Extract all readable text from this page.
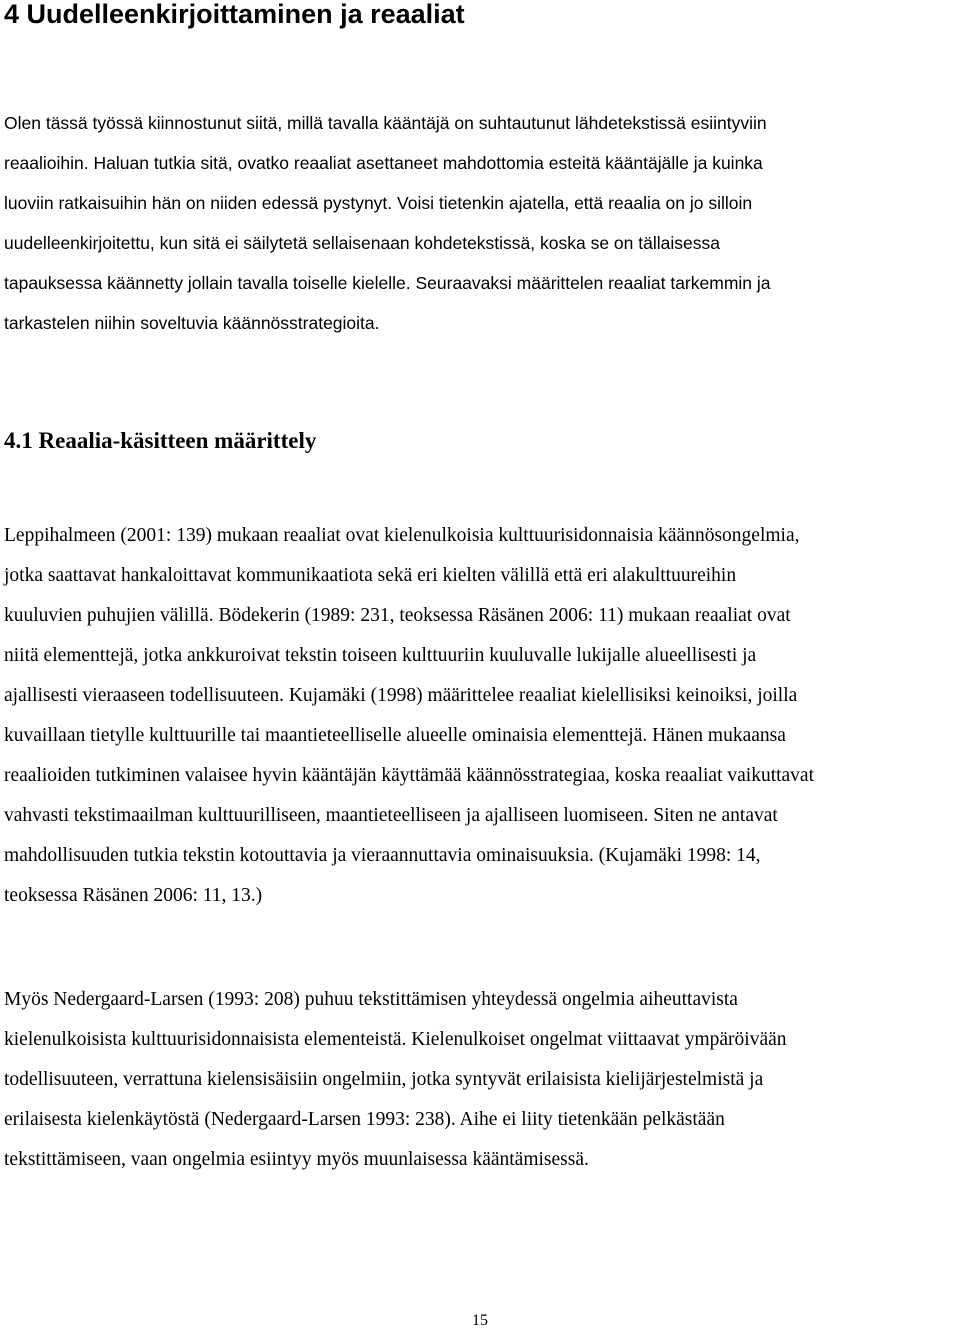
4 Uudelleenkirjoittaminen ja reaaliat
Olen tässä työssä kiinnostunut siitä, millä tavalla kääntäjä on suhtautunut lähdetekstissä esiintyviin
reaalioihin. Haluan tutkia sitä, ovatko reaaliat asettaneet mahdottomia esteitä kääntäjälle ja kuinka
luoviin ratkaisuihin hän on niiden edessä pystynyt. Voisi tietenkin ajatella, että reaalia on jo silloin
uudelleenkirjoitettu, kun sitä ei säilytetä sellaisenaan kohdetekstissä, koska se on tällaisessa
tapauksessa käännetty jollain tavalla toiselle kielelle. Seuraavaksi määrittelen reaaliat tarkemmin ja
tarkastelen niihin soveltuvia käännösstrategioita.
4.1 Reaalia-käsitteen määrittely
Leppihalmeen (2001: 139) mukaan reaaliat ovat kielenulkoisia kulttuurisidonnaisia käännösongelmia,
jotka saattavat hankaloittavat kommunikaatiota sekä eri kielten välillä että eri alakulttuureihin
kuuluvien puhujien välillä. Bödekerin (1989: 231, teoksessa Räsänen 2006: 11) mukaan reaaliat ovat
niitä elementtejä, jotka ankkuroivat tekstin toiseen kulttuuriin kuuluvalle lukijalle alueellisesti ja
ajallisesti vieraaseen todellisuuteen. Kujamäki (1998) määrittelee reaaliat kielellisiksi keinoiksi, joilla
kuvaillaan tietylle kulttuurille tai maantieteelliselle alueelle ominaisia elementtejä. Hänen mukaansa
reaalioiden tutkiminen valaisee hyvin kääntäjän käyttämää käännösstrategiaa, koska reaaliat vaikuttavat
vahvasti tekstimaailman kulttuurilliseen, maantieteelliseen ja ajalliseen luomiseen. Siten ne antavat
mahdollisuuden tutkia tekstin kotouttavia ja vieraannuttavia ominaisuuksia. (Kujamäki 1998: 14,
teoksessa Räsänen 2006: 11, 13.)
Myös Nedergaard-Larsen (1993: 208) puhuu tekstittämisen yhteydessä ongelmia aiheuttavista
kielenulkoisista kulttuurisidonnaisista elementeistä. Kielenulkoiset ongelmat viittaavat ympäröivään
todellisuuteen, verrattuna kielensisäisiin ongelmiin, jotka syntyvät erilaisista kielijärjestelmistä ja
erilaisesta kielenkäytöstä (Nedergaard-Larsen 1993: 238). Aihe ei liity tietenkään pelkästään
tekstittämiseen, vaan ongelmia esiintyy myös muunlaisessa kääntämisessä.
15
